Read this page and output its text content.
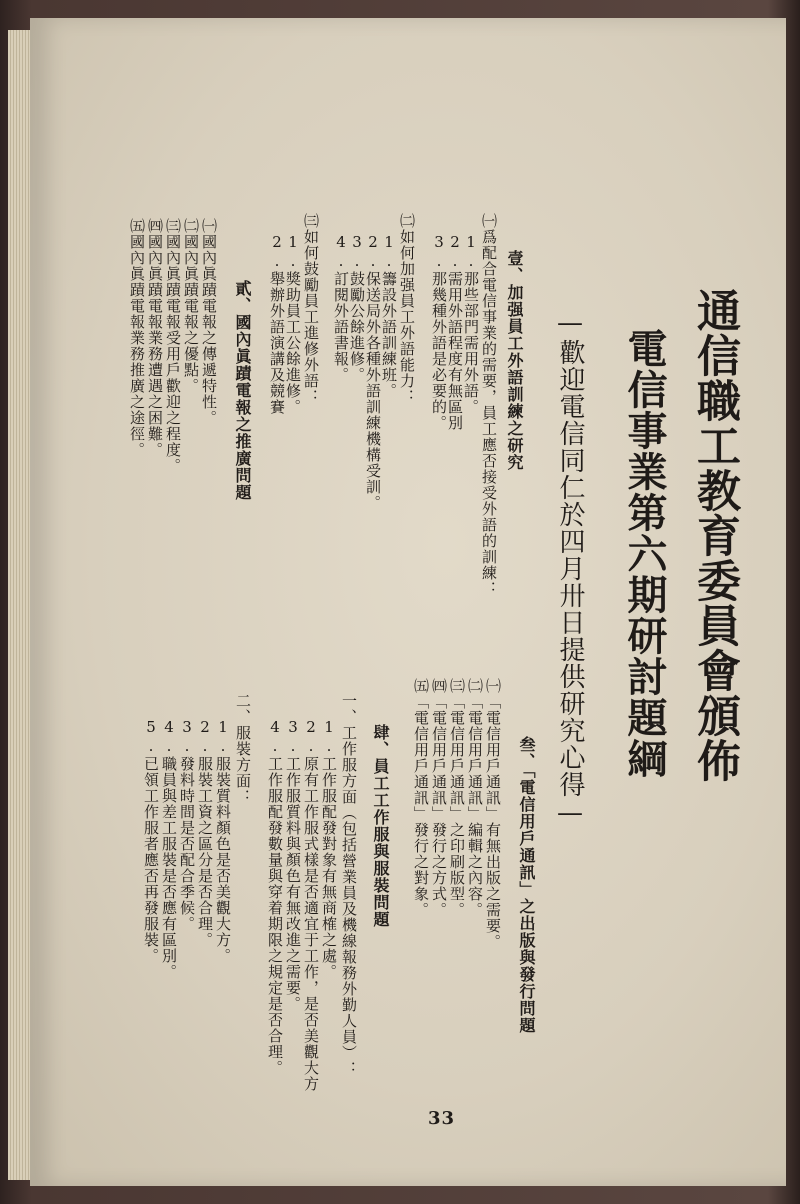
通信職工教育委員會頒佈
電信事業第六期研討題綱
—歡迎電信同仁於四月卅日提供研究心得—
壹、加强員工外語訓練之研究
㈠爲配合電信事業的需要，員工應否接受外語的訓練：
1.那些部門需用外語。
2.需用外語程度有無區別
3.那幾種外語是必要的。
㈡如何加强員工外語能力：
1.籌設外語訓練班。
2.保送局外各種外語訓練機構受訓。
3.鼓勵公餘進修。
4.訂閱外語書報。
㈢如何鼓勵員工進修外語：
1.獎助員工公餘進修。
2.舉辦外語演講及競賽
貳、國內眞蹟電報之推廣問題
㈠國內眞蹟電報之傳遞特性。
㈡國內眞蹟電報之優點。
㈢國內眞蹟電報受用戶歡迎之程度。
㈣國內眞蹟電報業務遭遇之困難。
㈤國內眞蹟電報業務推廣之途徑。
叁、「電信用戶通訊」之出版與發行問題
㈠「電信用戶通訊」有無出版之需要。
㈡「電信用戶通訊」編輯之內容。
㈢「電信用戶通訊」之印刷版型。
㈣「電信用戶通訊」發行之方式。
㈤「電信用戶通訊」發行之對象。
肆、員工工作服與服裝問題
一、工作服方面（包括營業員及機線報務外勤人員）：
1.工作服配發對象有無商榷之處。
2.原有工作服式樣是否適宜于工作，是否美觀大方
3.工作服質料與顏色有無改進之需要。
4.工作服配發數量與穿着期限之規定是否合理。
二、服裝方面：
1.服裝質料顏色是否美觀大方。
2.服裝工資之區分是否合理。
3.發料時間是否配合季候。
4.職員與差工服裝是否應有區別。
5.已領工作服者應否再發服裝。
33
